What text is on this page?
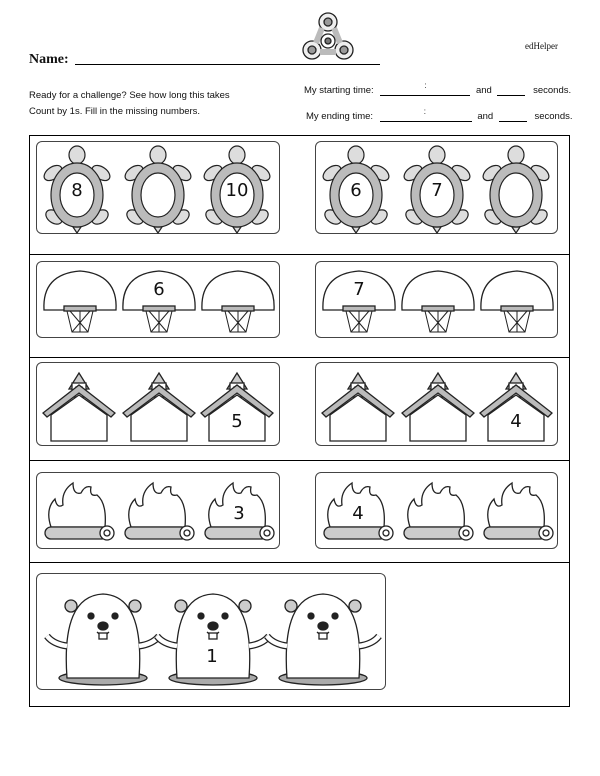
Name:
edHelper
Ready for a challenge? See how long this takes
Count by 1s. Fill in the missing numbers.
My starting time:	:	and	seconds.
My ending time:	:	and	seconds.
8	10	6	7
6	7
5	4
3	4
1
